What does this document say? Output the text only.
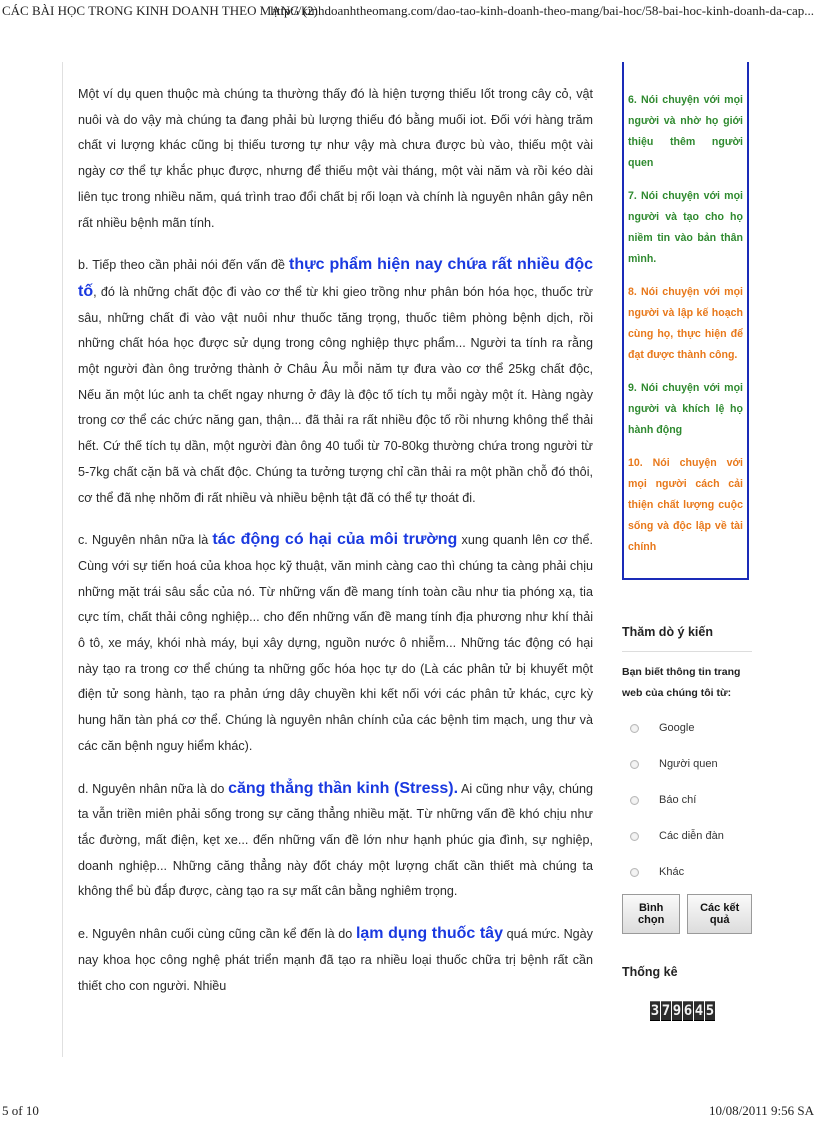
CÁC BÀI HỌC TRONG KINH DOANH THEO MẠNG (2)
http://kinhdoanhtheomang.com/dao-tao-kinh-doanh-theo-mang/bai-hoc/58-bai-hoc-kinh-doanh-da-cap...

Một ví dụ quen thuộc mà chúng ta thường thấy đó là hiện tượng thiếu Iốt trong cây cỏ, vật nuôi và do vậy mà chúng ta đang phải bù lượng thiếu đó bằng muối iot. Đối với hàng trăm chất vi lượng khác cũng bị thiếu tương tự như vậy mà chưa được bù vào, thiếu một vài ngày cơ thể tự khắc phục được, nhưng để thiếu một vài tháng, một vài năm và rồi kéo dài liên tục trong nhiều năm, quá trình trao đổi chất bị rối loạn và chính là nguyên nhân gây nên rất nhiều bệnh mãn tính.

b. Tiếp theo cần phải nói đến vấn đề thực phẩm hiện nay chứa rất nhiều độc tố, đó là những chất độc đi vào cơ thể từ khi gieo trồng như phân bón hóa học, thuốc trừ sâu, những chất đi vào vật nuôi như thuốc tăng trọng, thuốc tiêm phòng bệnh dịch, rồi những chất hóa học được sử dụng trong công nghiệp thực phẩm... Người ta tính ra rằng một người đàn ông trưởng thành ở Châu Âu mỗi năm tự đưa vào cơ thể 25kg chất độc, Nếu ăn một lúc anh ta chết ngay nhưng ở đây là độc tố tích tụ mỗi ngày một ít. Hàng ngày trong cơ thể các chức năng gan, thận... đã thải ra rất nhiều độc tố rồi nhưng không thể thải hết. Cứ thế tích tụ dần, một người đàn ông 40 tuổi từ 70-80kg thường chứa trong người từ 5-7kg chất cặn bã và chất độc. Chúng ta tưởng tượng chỉ cần thải ra một phần chỗ đó thôi, cơ thể đã nhẹ nhõm đi rất nhiều và nhiều bệnh tật đã có thể tự thoát đi.

c. Nguyên nhân nữa là tác động có hại của môi trường xung quanh lên cơ thể. Cùng với sự tiến hoá của khoa học kỹ thuật, văn minh càng cao thì chúng ta càng phải chịu những mặt trái sâu sắc của nó. Từ những vấn đề mang tính toàn cầu như tia phóng xạ, tia cực tím, chất thải công nghiệp... cho đến những vấn đề mang tính địa phương như khí thải ô tô, xe máy, khói nhà máy, bụi xây dựng, nguồn nước ô nhiễm... Những tác động có hại này tạo ra trong cơ thể chúng ta những gốc hóa học tự do (Là các phân tử bị khuyết một điện tử song hành, tạo ra phản ứng dây chuyền khi kết nối với các phân tử khác, cực kỳ hung hãn tàn phá cơ thể. Chúng là nguyên nhân chính của các bệnh tim mạch, ung thư và các căn bệnh nguy hiểm khác).

d. Nguyên nhân nữa là do căng thẳng thần kinh (Stress). Ai cũng như vậy, chúng ta vẫn triền miên phải sống trong sự căng thẳng nhiều mặt. Từ những vấn đề khó chịu như tắc đường, mất điện, kẹt xe... đến những vấn đề lớn như hạnh phúc gia đình, sự nghiệp, doanh nghiệp... Những căng thẳng này đốt cháy một lượng chất cần thiết mà chúng ta không thể bù đắp được, càng tạo ra sự mất cân bằng nghiêm trọng.

e. Nguyên nhân cuối cùng cũng cần kể đến là do lạm dụng thuốc tây quá mức. Ngày nay khoa học công nghệ phát triển mạnh đã tạo ra nhiều loại thuốc chữa trị bệnh rất cần thiết cho con người. Nhiều

6. Nói chuyện với mọi người và nhờ họ giới thiệu thêm người quen
7. Nói chuyện với mọi người và tạo cho họ niềm tin vào bản thân mình.
8. Nói chuyện với mọi người và lập kế hoạch cùng họ, thực hiện để đạt được thành công.
9. Nói chuyện với mọi người và khích lệ họ hành động
10. Nói chuyện với mọi người cách cải thiện chất lượng cuộc sống và độc lập về tài chính
Thăm dò ý kiến
Bạn biết thông tin trang web của chúng tôi từ:
Google
Người quen
Báo chí
Các diễn đàn
Khác
Bình chọn
Các kết quả
Thống kê
3 7 9 6 4 5
5 of 10	10/08/2011 9:56 SA
